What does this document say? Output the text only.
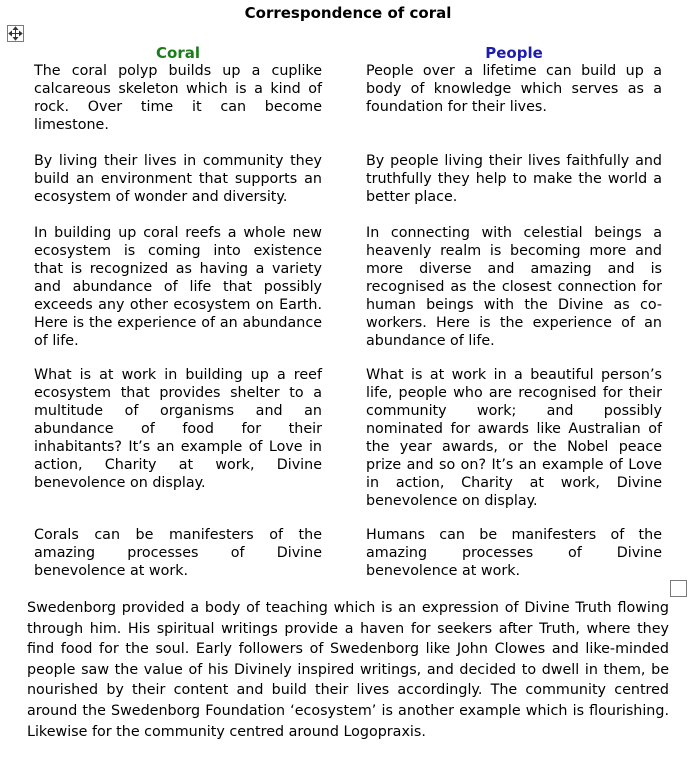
Correspondence of coral
Coral
The coral polyp builds up a cuplike calcareous skeleton which is a kind of rock. Over time it can become limestone.
By living their lives in community they build an environment that supports an ecosystem of wonder and diversity.
In building up coral reefs a whole new ecosystem is coming into existence that is recognized as having a variety and abundance of life that possibly exceeds any other ecosystem on Earth. Here is the experience of an abundance of life.
What is at work in building up a reef ecosystem that provides shelter to a multitude of organisms and an abundance of food for their inhabitants? It’s an example of Love in action, Charity at work, Divine benevolence on display.
Corals can be manifesters of the amazing processes of Divine benevolence at work.
People
People over a lifetime can build up a body of knowledge which serves as a foundation for their lives.
By people living their lives faithfully and truthfully they help to make the world a better place.
In connecting with celestial beings a heavenly realm is becoming more and more diverse and amazing and is recognised as the closest connection for human beings with the Divine as co-workers. Here is the experience of an abundance of life.
What is at work in a beautiful person’s life, people who are recognised for their community work; and possibly nominated for awards like Australian of the year awards, or the Nobel peace prize and so on? It’s an example of Love in action, Charity at work, Divine benevolence on display.
Humans can be manifesters of the amazing processes of Divine benevolence at work.
Swedenborg provided a body of teaching which is an expression of Divine Truth flowing through him. His spiritual writings provide a haven for seekers after Truth, where they find food for the soul. Early followers of Swedenborg like John Clowes and like-minded people saw the value of his Divinely inspired writings, and decided to dwell in them, be nourished by their content and build their lives accordingly. The community centred around the Swedenborg Foundation ‘ecosystem’ is another example which is flourishing. Likewise for the community centred around Logopraxis.
